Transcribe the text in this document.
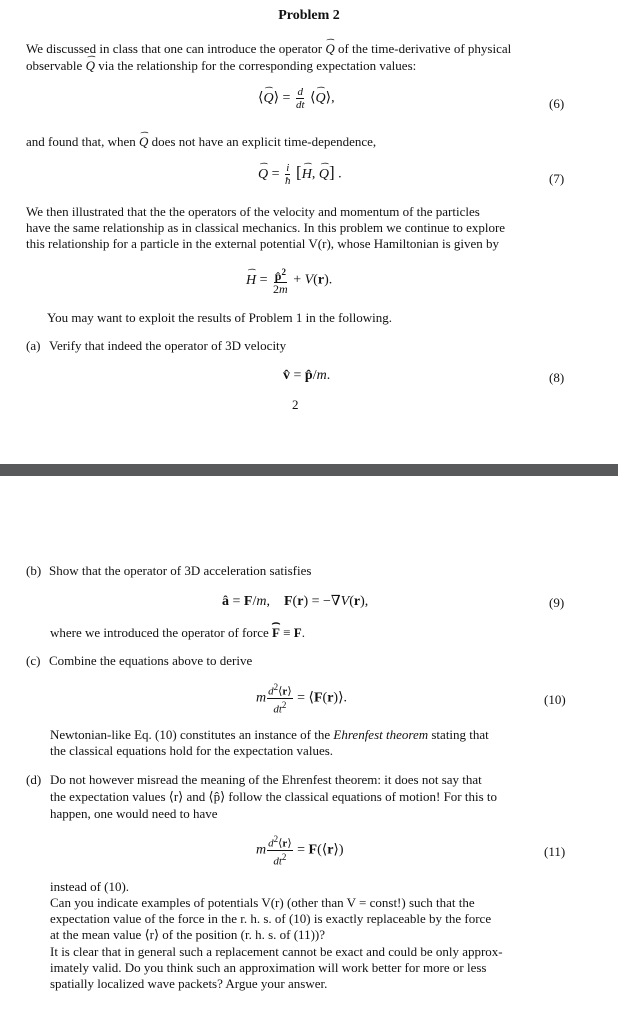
Problem 2
We discussed in class that one can introduce the operator ⌢ Q of the time-derivative of physical
observable ⌢ Q via the relationship for the corresponding expectation values:
⟨⌢ Q⟩ = $\frac{d}{dt}$ ⟨⌢ Q⟩,	(6)
and found that, when ⌢ Q does not have an explicit time-dependence,
⌢ $Q = \frac{i}{ħ}$ [⌢ H, ⌢ Q] .	(7)
We then illustrated that the the operators of the velocity and momentum of the particles
have the same relationship as in classical mechanics. In this problem we continue to explore
this relationship for a particle in the external potential V(r), whose Hamiltonian is given by
⌢ $H = \frac{p̂^2}{2m} + V(r)$.
You may want to exploit the results of Problem 1 in the following.
(a) Verify that indeed the operator of 3D velocity
v̂ = p̂/m.	(8)
2
(b) Show that the operator of 3D acceleration satisfies
â = F/m,    F(r) = −∇V(r),	(9)
where we introduced the operator of force ⌢ F ≡ F.
(c) Combine the equations above to derive
m $\frac{d^2⟨r⟩}{dt^2}$ = ⟨F(r)⟩.	(10)
Newtonian-like Eq. (10) constitutes an instance of the Ehrenfest theorem stating that
the classical equations hold for the expectation values.
(d) Do not however misread the meaning of the Ehrenfest theorem: it does not say that
the expectation values ⟨r⟩ and ⟨p̂⟩ follow the classical equations of motion! For this to
happen, one would need to have
m $\frac{d^2⟨r⟩}{dt^2}$ = F(⟨r⟩)	(11)
instead of (10).
Can you indicate examples of potentials V(r) (other than V = const!) such that the
expectation value of the force in the r. h. s. of (10) is exactly replaceable by the force
at the mean value ⟨r⟩ of the position (r. h. s. of (11))?
It is clear that in general such a replacement cannot be exact and could be only approx-
imately valid. Do you think such an approximation will work better for more or less
spatially localized wave packets? Argue your answer.
